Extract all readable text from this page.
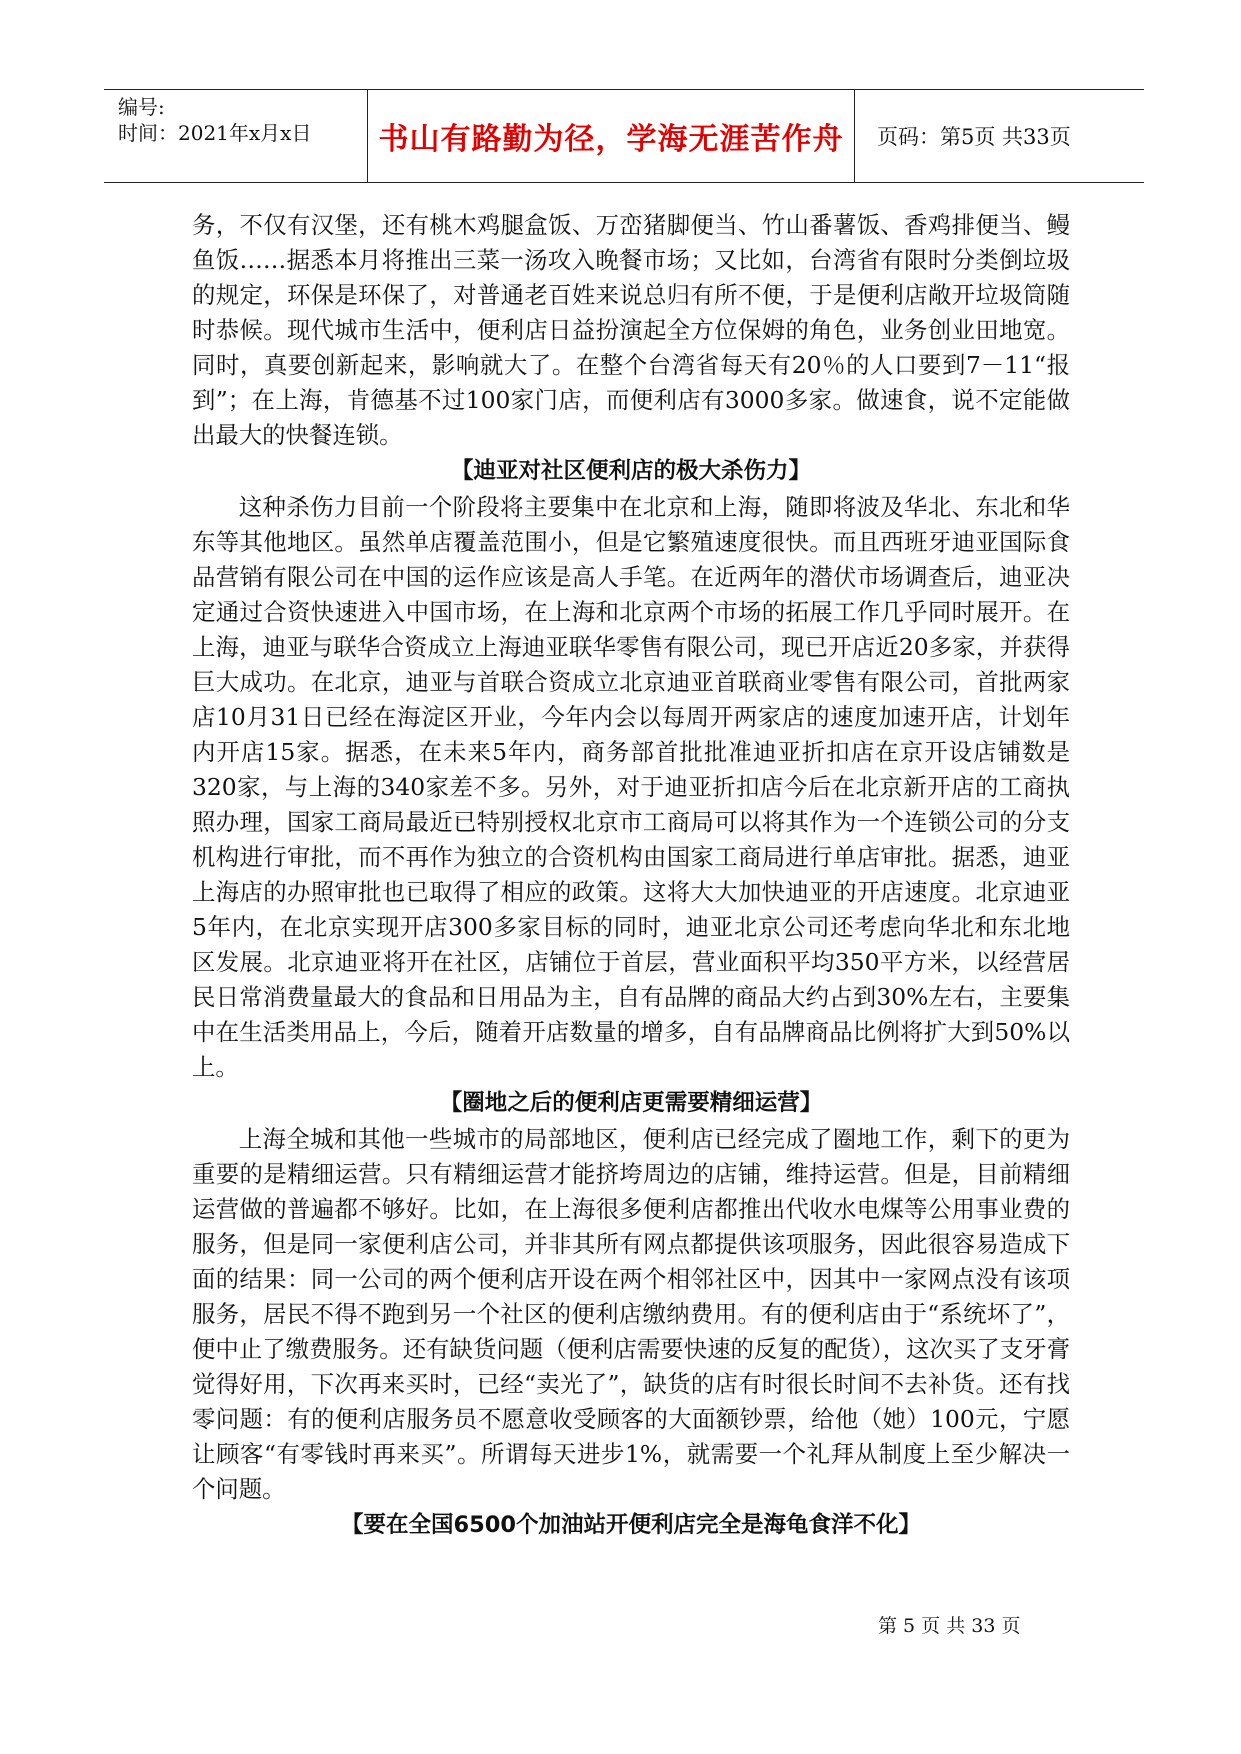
编号:
时间：2021年x月x日 书山有路勤为径，学海无涯苦作舟 页码：第5页 共33页

务，不仅有汉堡，还有桃木鸡腿盒饭、万峦猪脚便当、竹山番薯饭、香鸡排便当、鳗鱼饭……据悉本月将推出三菜一汤攻入晚餐市场；又比如，台湾省有限时分类倒垃圾的规定，环保是环保了，对普通老百姓来说总归有所不便，于是便利店敞开垃圾筒随时恭候。现代城市生活中，便利店日益扮演起全方位保姆的角色，业务创业田地宽。同时，真要创新起来，影响就大了。在整个台湾省每天有20％的人口要到7－11“报到”；在上海，肯德基不过100家门店，而便利店有3000多家。做速食，说不定能做出最大的快餐连锁。

【迪亚对社区便利店的极大杀伤力】

这种杀伤力目前一个阶段将主要集中在北京和上海，随即将波及华北、东北和华东等其他地区。虽然单店覆盖范围小，但是它繁殖速度很快。而且西班牙迪亚国际食品营销有限公司在中国的运作应该是高人手笔。在近两年的潜伏市场调查后，迪亚决定通过合资快速进入中国市场，在上海和北京两个市场的拓展工作几乎同时展开。在上海，迪亚与联华合资成立上海迪亚联华零售有限公司，现已开店近20多家，并获得巨大成功。在北京，迪亚与首联合资成立北京迪亚首联商业零售有限公司，首批两家店10月31日已经在海淀区开业，今年内会以每周开两家店的速度加速开店，计划年内开店15家。据悉，在未来5年内，商务部首批批准迪亚折扣店在京开设店铺数是320家，与上海的340家差不多。另外，对于迪亚折扣店今后在北京新开店的工商执照办理，国家工商局最近已特别授权北京市工商局可以将其作为一个连锁公司的分支机构进行审批，而不再作为独立的合资机构由国家工商局进行单店审批。据悉，迪亚上海店的办照审批也已取得了相应的政策。这将大大加快迪亚的开店速度。北京迪亚5年内，在北京实现开店300多家目标的同时，迪亚北京公司还考虑向华北和东北地区发展。北京迪亚将开在社区，店铺位于首层，营业面积平均350平方米，以经营居民日常消费量最大的食品和日用品为主，自有品牌的商品大约占到30%左右，主要集中在生活类用品上，今后，随着开店数量的增多，自有品牌商品比例将扩大到50%以上。

【圈地之后的便利店更需要精细运营】

上海全城和其他一些城市的局部地区，便利店已经完成了圈地工作，剩下的更为重要的是精细运营。只有精细运营才能挤垮周边的店铺，维持运营。但是，目前精细运营做的普遍都不够好。比如，在上海很多便利店都推出代收水电煤等公用事业费的服务，但是同一家便利店公司，并非其所有网点都提供该项服务，因此很容易造成下面的结果：同一公司的两个便利店开设在两个相邻社区中，因其中一家网点没有该项服务，居民不得不跑到另一个社区的便利店缴纳费用。有的便利店由于“系统坏了”，便中止了缴费服务。还有缺货问题（便利店需要快速的反复的配货），这次买了支牙膏觉得好用，下次再来买时，已经“卖光了”，缺货的店有时很长时间不去补货。还有找零问题：有的便利店服务员不愿意收受顾客的大面额钞票，给他（她）100元，宁愿让顾客“有零钱时再来买”。所谓每天进步1%，就需要一个礼拜从制度上至少解决一个问题。

【要在全国6500个加油站开便利店完全是海龟食洋不化】
第 5 页 共 33 页
